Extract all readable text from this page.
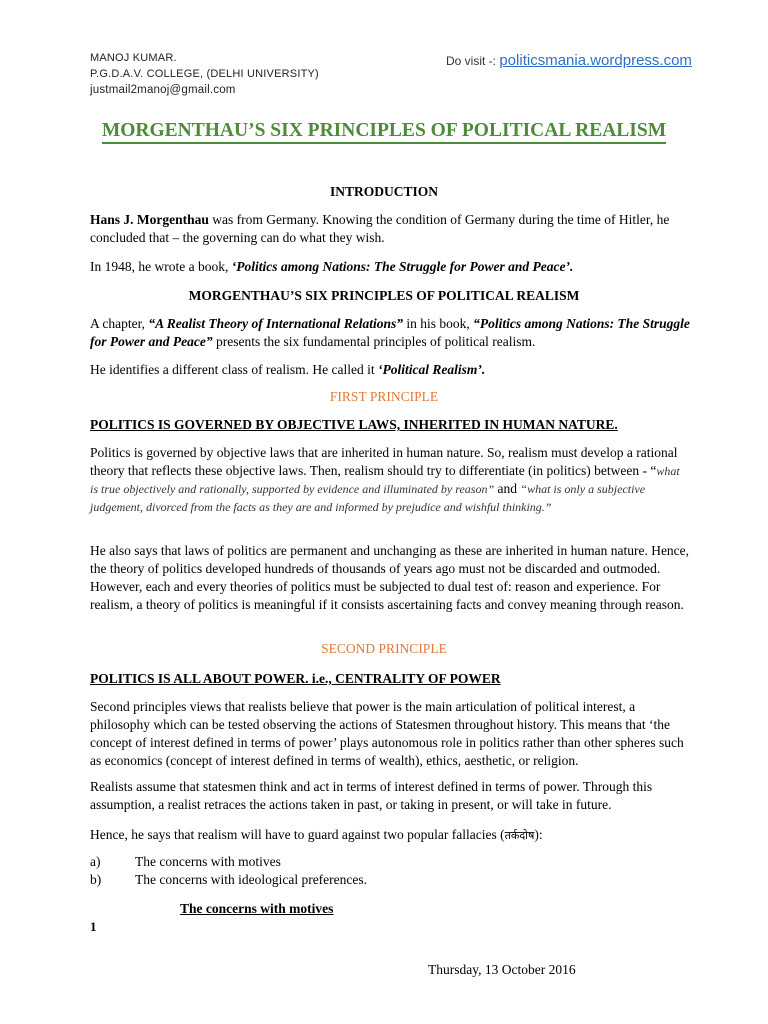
MANOJ KUMAR.
P.G.D.A.V. COLLEGE, (DELHI UNIVERSITY)
justmail2manoj@gmail.com
Do visit -: politicsmania.wordpress.com
MORGENTHAU’S SIX PRINCIPLES OF POLITICAL REALISM
INTRODUCTION

Hans J. Morgenthau was from Germany. Knowing the condition of Germany during the time of Hitler, he concluded that – the governing can do what they wish.

In 1948, he wrote a book, ‘Politics among Nations: The Struggle for Power and Peace’.

MORGENTHAU’S SIX PRINCIPLES OF POLITICAL REALISM

A chapter, “A Realist Theory of International Relations” in his book, “Politics among Nations: The Struggle for Power and Peace” presents the six fundamental principles of political realism.

He identifies a different class of realism. He called it ‘Political Realism’.

FIRST PRINCIPLE

POLITICS IS GOVERNED BY OBJECTIVE LAWS, INHERITED IN HUMAN NATURE.

Politics is governed by objective laws that are inherited in human nature. So, realism must develop a rational theory that reflects these objective laws. Then, realism should try to differentiate (in politics) between - “what is true objectively and rationally, supported by evidence and illuminated by reason” and “what is only a subjective judgement, divorced from the facts as they are and informed by prejudice and wishful thinking.”

He also says that laws of politics are permanent and unchanging as these are inherited in human nature. Hence, the theory of politics developed hundreds of thousands of years ago must not be discarded and outmoded. However, each and every theories of politics must be subjected to dual test of: reason and experience. For realism, a theory of politics is meaningful if it consists ascertaining facts and convey meaning through reason.

SECOND PRINCIPLE

POLITICS IS ALL ABOUT POWER. i.e., CENTRALITY OF POWER

Second principles views that realists believe that power is the main articulation of political interest, a philosophy which can be tested observing the actions of Statesmen throughout history. This means that ‘the concept of interest defined in terms of power’ plays autonomous role in politics rather than other spheres such as economics (concept of interest defined in terms of wealth), ethics, aesthetic, or religion.

Realists assume that statesmen think and act in terms of interest defined in terms of power. Through this assumption, a realist retraces the actions taken in past, or taking in present, or will take in future.

Hence, he says that realism will have to guard against two popular fallacies (तर्कदोष):

a)	The concerns with motives
b)	The concerns with ideological preferences.
The concerns with motives
1
Thursday, 13 October 2016
